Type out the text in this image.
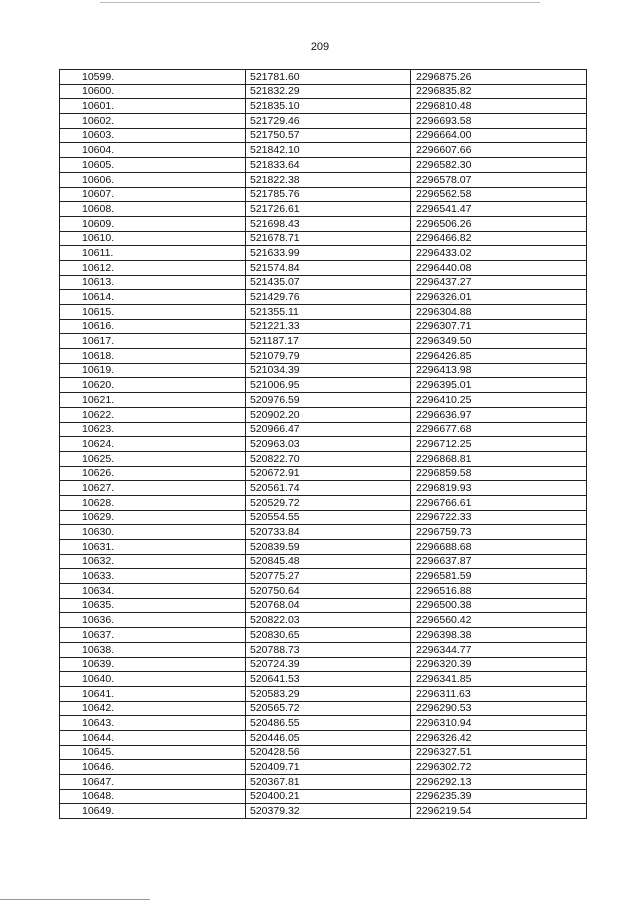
209
10599.	521781.60	2296875.26
10600.	521832.29	2296835.82
10601.	521835.10	2296810.48
10602.	521729.46	2296693.58
10603.	521750.57	2296664.00
10604.	521842.10	2296607.66
10605.	521833.64	2296582.30
10606.	521822.38	2296578.07
10607.	521785.76	2296562.58
10608.	521726.61	2296541.47
10609.	521698.43	2296506.26
10610.	521678.71	2296466.82
10611.	521633.99	2296433.02
10612.	521574.84	2296440.08
10613.	521435.07	2296437.27
10614.	521429.76	2296326.01
10615.	521355.11	2296304.88
10616.	521221.33	2296307.71
10617.	521187.17	2296349.50
10618.	521079.79	2296426.85
10619.	521034.39	2296413.98
10620.	521006.95	2296395.01
10621.	520976.59	2296410.25
10622.	520902.20	2296636.97
10623.	520966.47	2296677.68
10624.	520963.03	2296712.25
10625.	520822.70	2296868.81
10626.	520672.91	2296859.58
10627.	520561.74	2296819.93
10628.	520529.72	2296766.61
10629.	520554.55	2296722.33
10630.	520733.84	2296759.73
10631.	520839.59	2296688.68
10632.	520845.48	2296637.87
10633.	520775.27	2296581.59
10634.	520750.64	2296516.88
10635.	520768.04	2296500.38
10636.	520822.03	2296560.42
10637.	520830.65	2296398.38
10638.	520788.73	2296344.77
10639.	520724.39	2296320.39
10640.	520641.53	2296341.85
10641.	520583.29	2296311.63
10642.	520565.72	2296290.53
10643.	520486.55	2296310.94
10644.	520446.05	2296326.42
10645.	520428.56	2296327.51
10646.	520409.71	2296302.72
10647.	520367.81	2296292.13
10648.	520400.21	2296235.39
10649.	520379.32	2296219.54
